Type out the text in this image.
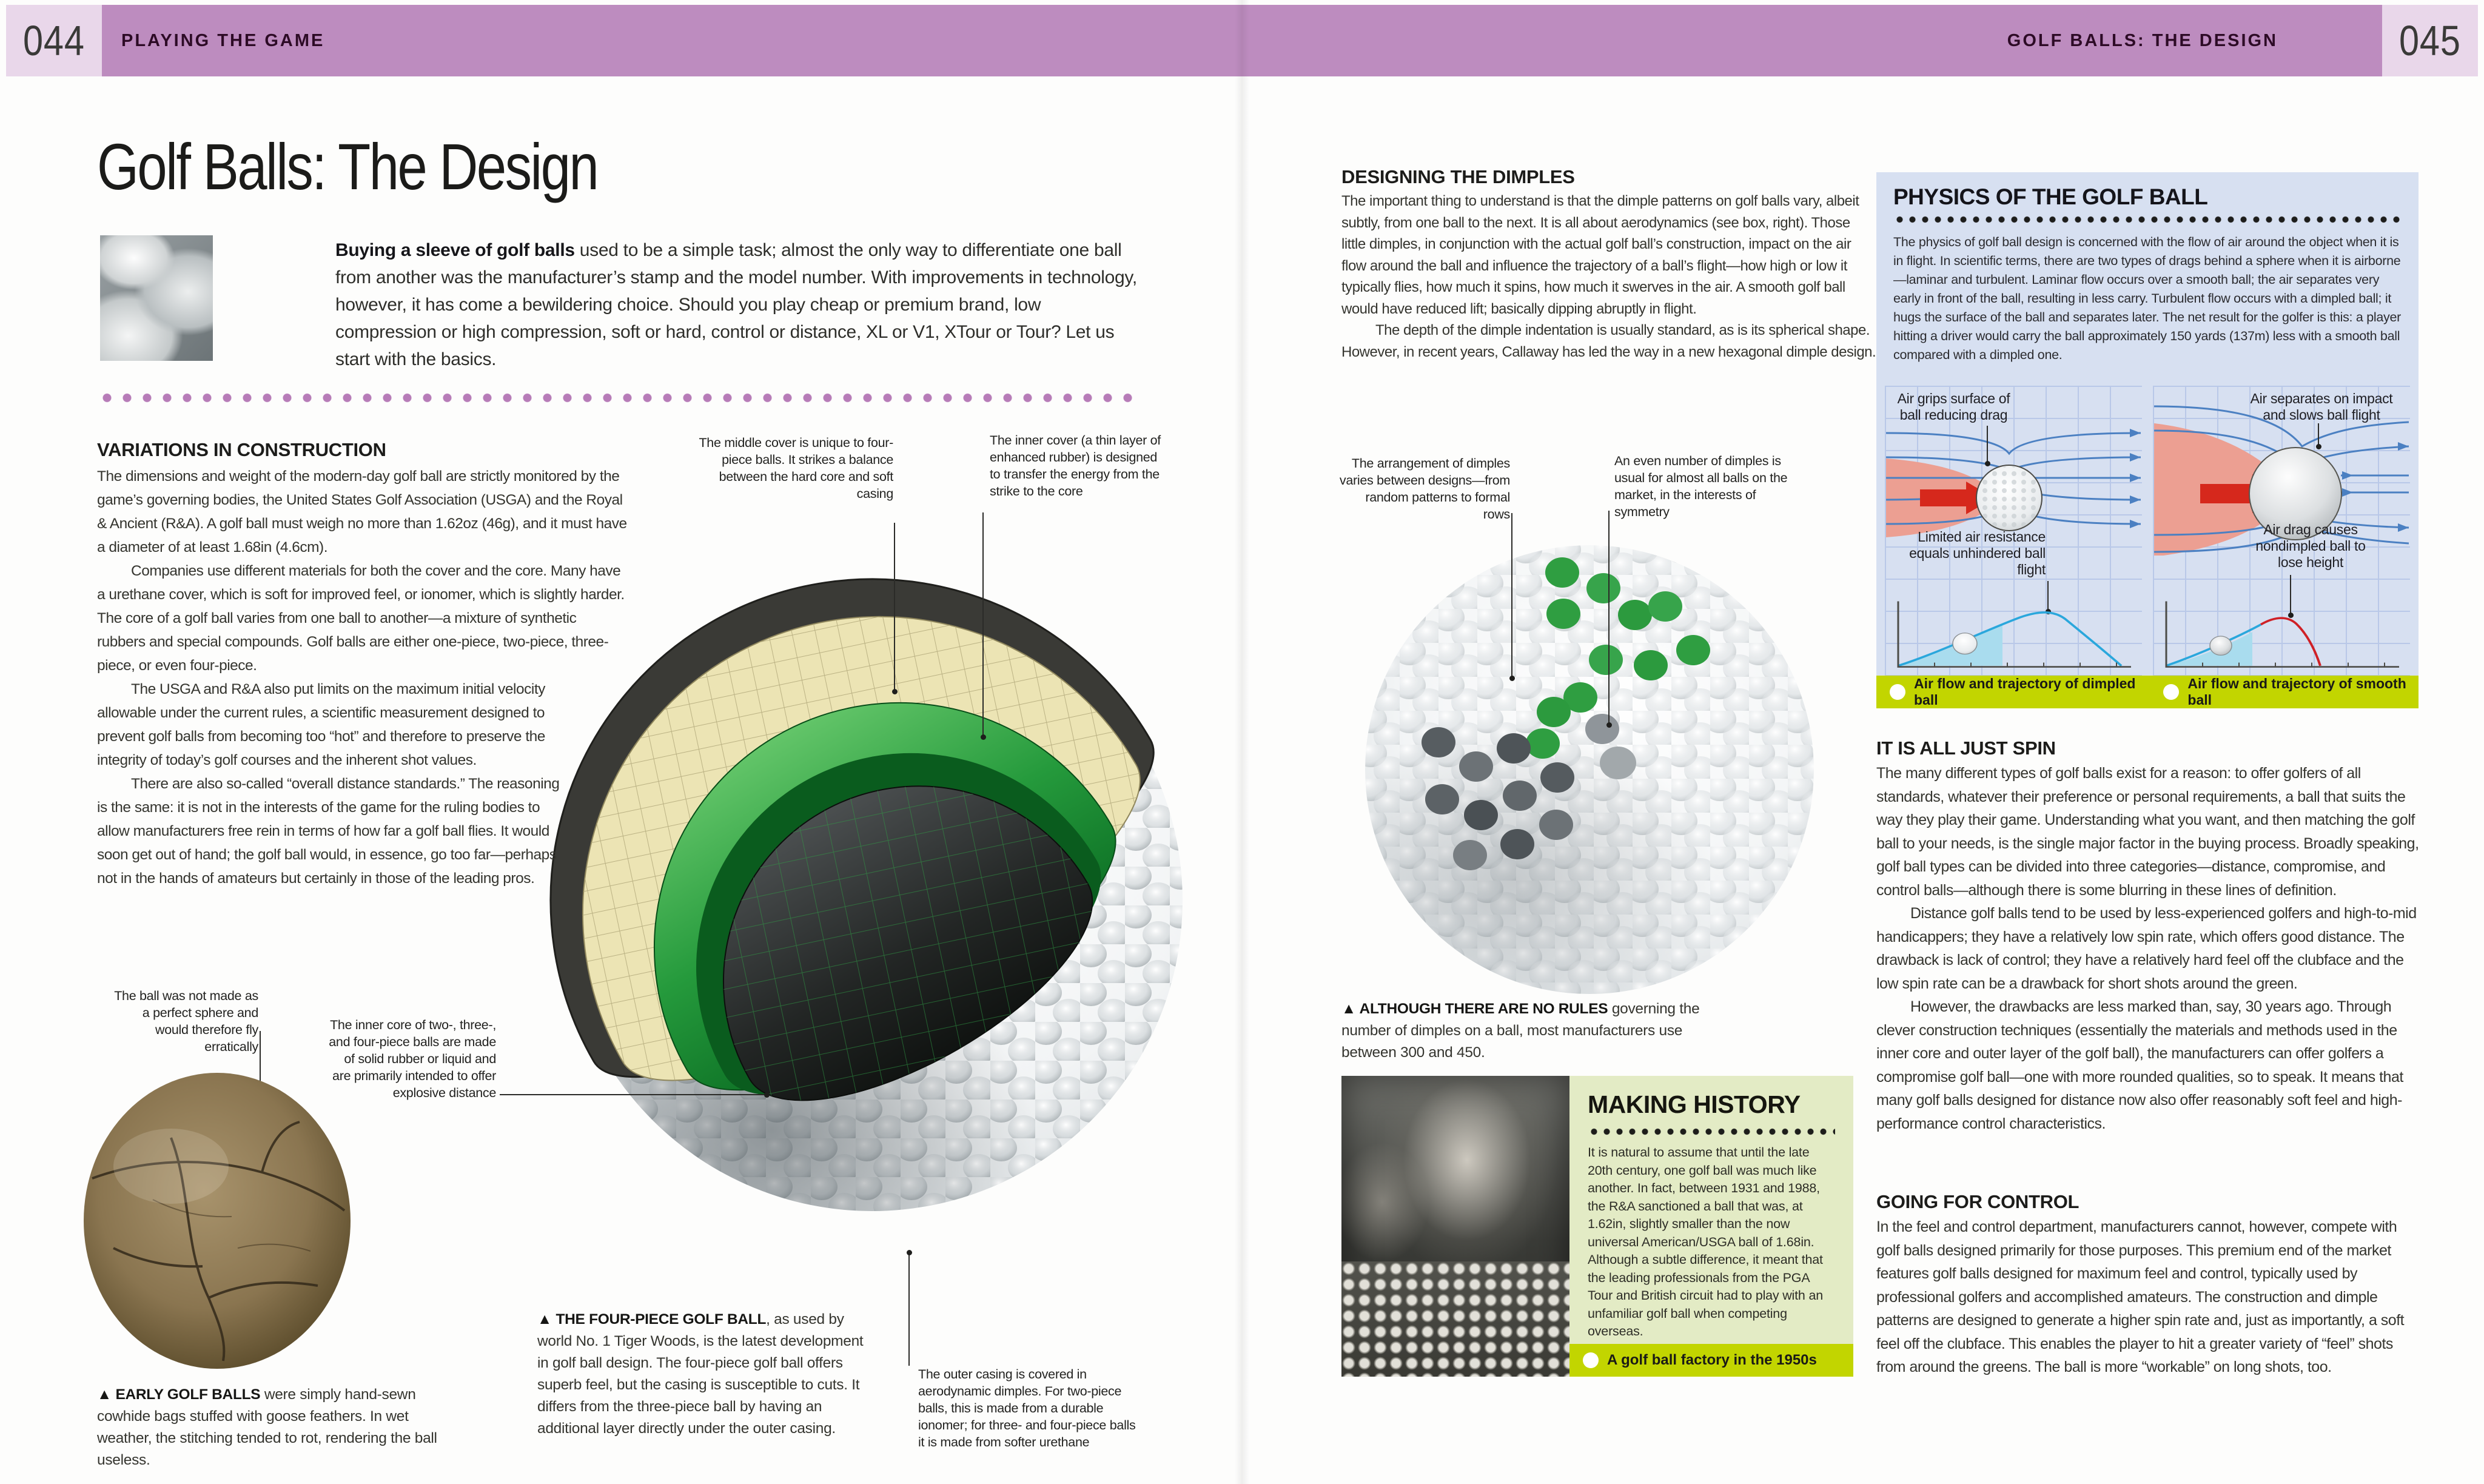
044 PLAYING THE GAME	GOLF BALLS: THE DESIGN	045
Golf Balls: The Design
Buying a sleeve of golf balls used to be a simple task; almost the only way to differentiate one ball from another was the manufacturer’s stamp and the model number. With improvements in technology, however, it has come a bewildering choice. Should you play cheap or premium brand, low compression or high compression, soft or hard, control or distance, XL or V1, XTour or Tour? Let us start with the basics.
VARIATIONS IN CONSTRUCTION

The dimensions and weight of the modern-day golf ball are strictly monitored by the game’s governing bodies, the United States Golf Association (USGA) and the Royal & Ancient (R&A). A golf ball must weigh no more than 1.62oz (46g), and it must have a diameter of at least 1.68in (4.6cm).

Companies use different materials for both the cover and the core. Many have a urethane cover, which is soft for improved feel, or ionomer, which is slightly harder. The core of a golf ball varies from one ball to another—a mixture of synthetic rubbers and special compounds. Golf balls are either one-piece, two-piece, three-piece, or even four-piece.

The USGA and R&A also put limits on the maximum initial velocity allowable under the current rules, a scientific measurement designed to prevent golf balls from becoming too “hot” and therefore to preserve the integrity of today’s golf courses and the inherent shot values.

There are also so-called “overall distance standards.” The reasoning is the same: it is not in the interests of the game for the ruling bodies to allow manufacturers free rein in terms of how far a golf ball flies. It would soon get out of hand; the golf ball would, in essence, go too far—perhaps not in the hands of amateurs but certainly in those of the leading pros.

The middle cover is unique to four-piece balls. It strikes a balance between the hard core and soft casing
The inner cover (a thin layer of enhanced rubber) is designed to transfer the energy from the strike to the core
The ball was not made as a perfect sphere and would therefore fly erratically
The inner core of two-, three-, and four-piece balls are made of solid rubber or liquid and are primarily intended to offer explosive distance
▲ EARLY GOLF BALLS were simply hand-sewn cowhide bags stuffed with goose feathers. In wet weather, the stitching tended to rot, rendering the ball useless.
▲ THE FOUR-PIECE GOLF BALL, as used by world No. 1 Tiger Woods, is the latest development in golf ball design. The four-piece golf ball offers superb feel, but the casing is susceptible to cuts. It differs from the three-piece ball by having an additional layer directly under the outer casing.
The outer casing is covered in aerodynamic dimples. For two-piece balls, this is made from a durable ionomer; for three- and four-piece balls it is made from softer urethane
DESIGNING THE DIMPLES

The important thing to understand is that the dimple patterns on golf balls vary, albeit subtly, from one ball to the next. It is all about aerodynamics (see box, right). Those little dimples, in conjunction with the actual golf ball’s construction, impact on the air flow around the ball and influence the trajectory of a ball’s flight—how high or low it typically flies, how much it spins, how much it swerves in the air. A smooth golf ball would have reduced lift; basically dipping abruptly in flight.

The depth of the dimple indentation is usually standard, as is its spherical shape. However, in recent years, Callaway has led the way in a new hexagonal dimple design.

The arrangement of dimples varies between designs—from random patterns to formal rows
An even number of dimples is usual for almost all balls on the market, in the interests of symmetry
▲ ALTHOUGH THERE ARE NO RULES governing the number of dimples on a ball, most manufacturers use between 300 and 450.
MAKING HISTORY
It is natural to assume that until the late 20th century, one golf ball was much like another. In fact, between 1931 and 1988, the R&A sanctioned a ball that was, at 1.62in, slightly smaller than the now universal American/USGA ball of 1.68in. Although a subtle difference, it meant that the leading professionals from the PGA Tour and British circuit had to play with an unfamiliar golf ball when competing overseas.
A golf ball factory in the 1950s
PHYSICS OF THE GOLF BALL
The physics of golf ball design is concerned with the flow of air around the object when it is in flight. In scientific terms, there are two types of drags behind a sphere when it is airborne—laminar and turbulent. Laminar flow occurs over a smooth ball; the air separates very early in front of the ball, resulting in less carry. Turbulent flow occurs with a dimpled ball; it hugs the surface of the ball and separates later. The net result for the golfer is this: a player hitting a driver would carry the ball approximately 150 yards (137m) less with a smooth ball compared with a dimpled one.
Air grips surface of ball reducing drag
Limited air resistance equals unhindered ball flight
Air separates on impact and slows ball flight
Air drag causes nondimpled ball to lose height
Air flow and trajectory of dimpled ball
Air flow and trajectory of smooth ball
IT IS ALL JUST SPIN

The many different types of golf balls exist for a reason: to offer golfers of all standards, whatever their preference or personal requirements, a ball that suits the way they play their game. Understanding what you want, and then matching the golf ball to your needs, is the single major factor in the buying process. Broadly speaking, golf ball types can be divided into three categories—distance, compromise, and control balls—although there is some blurring in these lines of definition.

Distance golf balls tend to be used by less-experienced golfers and high-to-mid handicappers; they have a relatively low spin rate, which offers good distance. The drawback is lack of control; they have a relatively hard feel off the clubface and the low spin rate can be a drawback for short shots around the green.

However, the drawbacks are less marked than, say, 30 years ago. Through clever construction techniques (essentially the materials and methods used in the inner core and outer layer of the golf ball), the manufacturers can offer golfers a compromise golf ball—one with more rounded qualities, so to speak. It means that many golf balls designed for distance now also offer reasonably soft feel and high-performance control characteristics.

GOING FOR CONTROL

In the feel and control department, manufacturers cannot, however, compete with golf balls designed primarily for those purposes. This premium end of the market features golf balls designed for maximum feel and control, typically used by professional golfers and accomplished amateurs. The construction and dimple patterns are designed to generate a higher spin rate and, just as importantly, a soft feel off the clubface. This enables the player to hit a greater variety of “feel” shots from around the greens. The ball is more “workable” on long shots, too.
